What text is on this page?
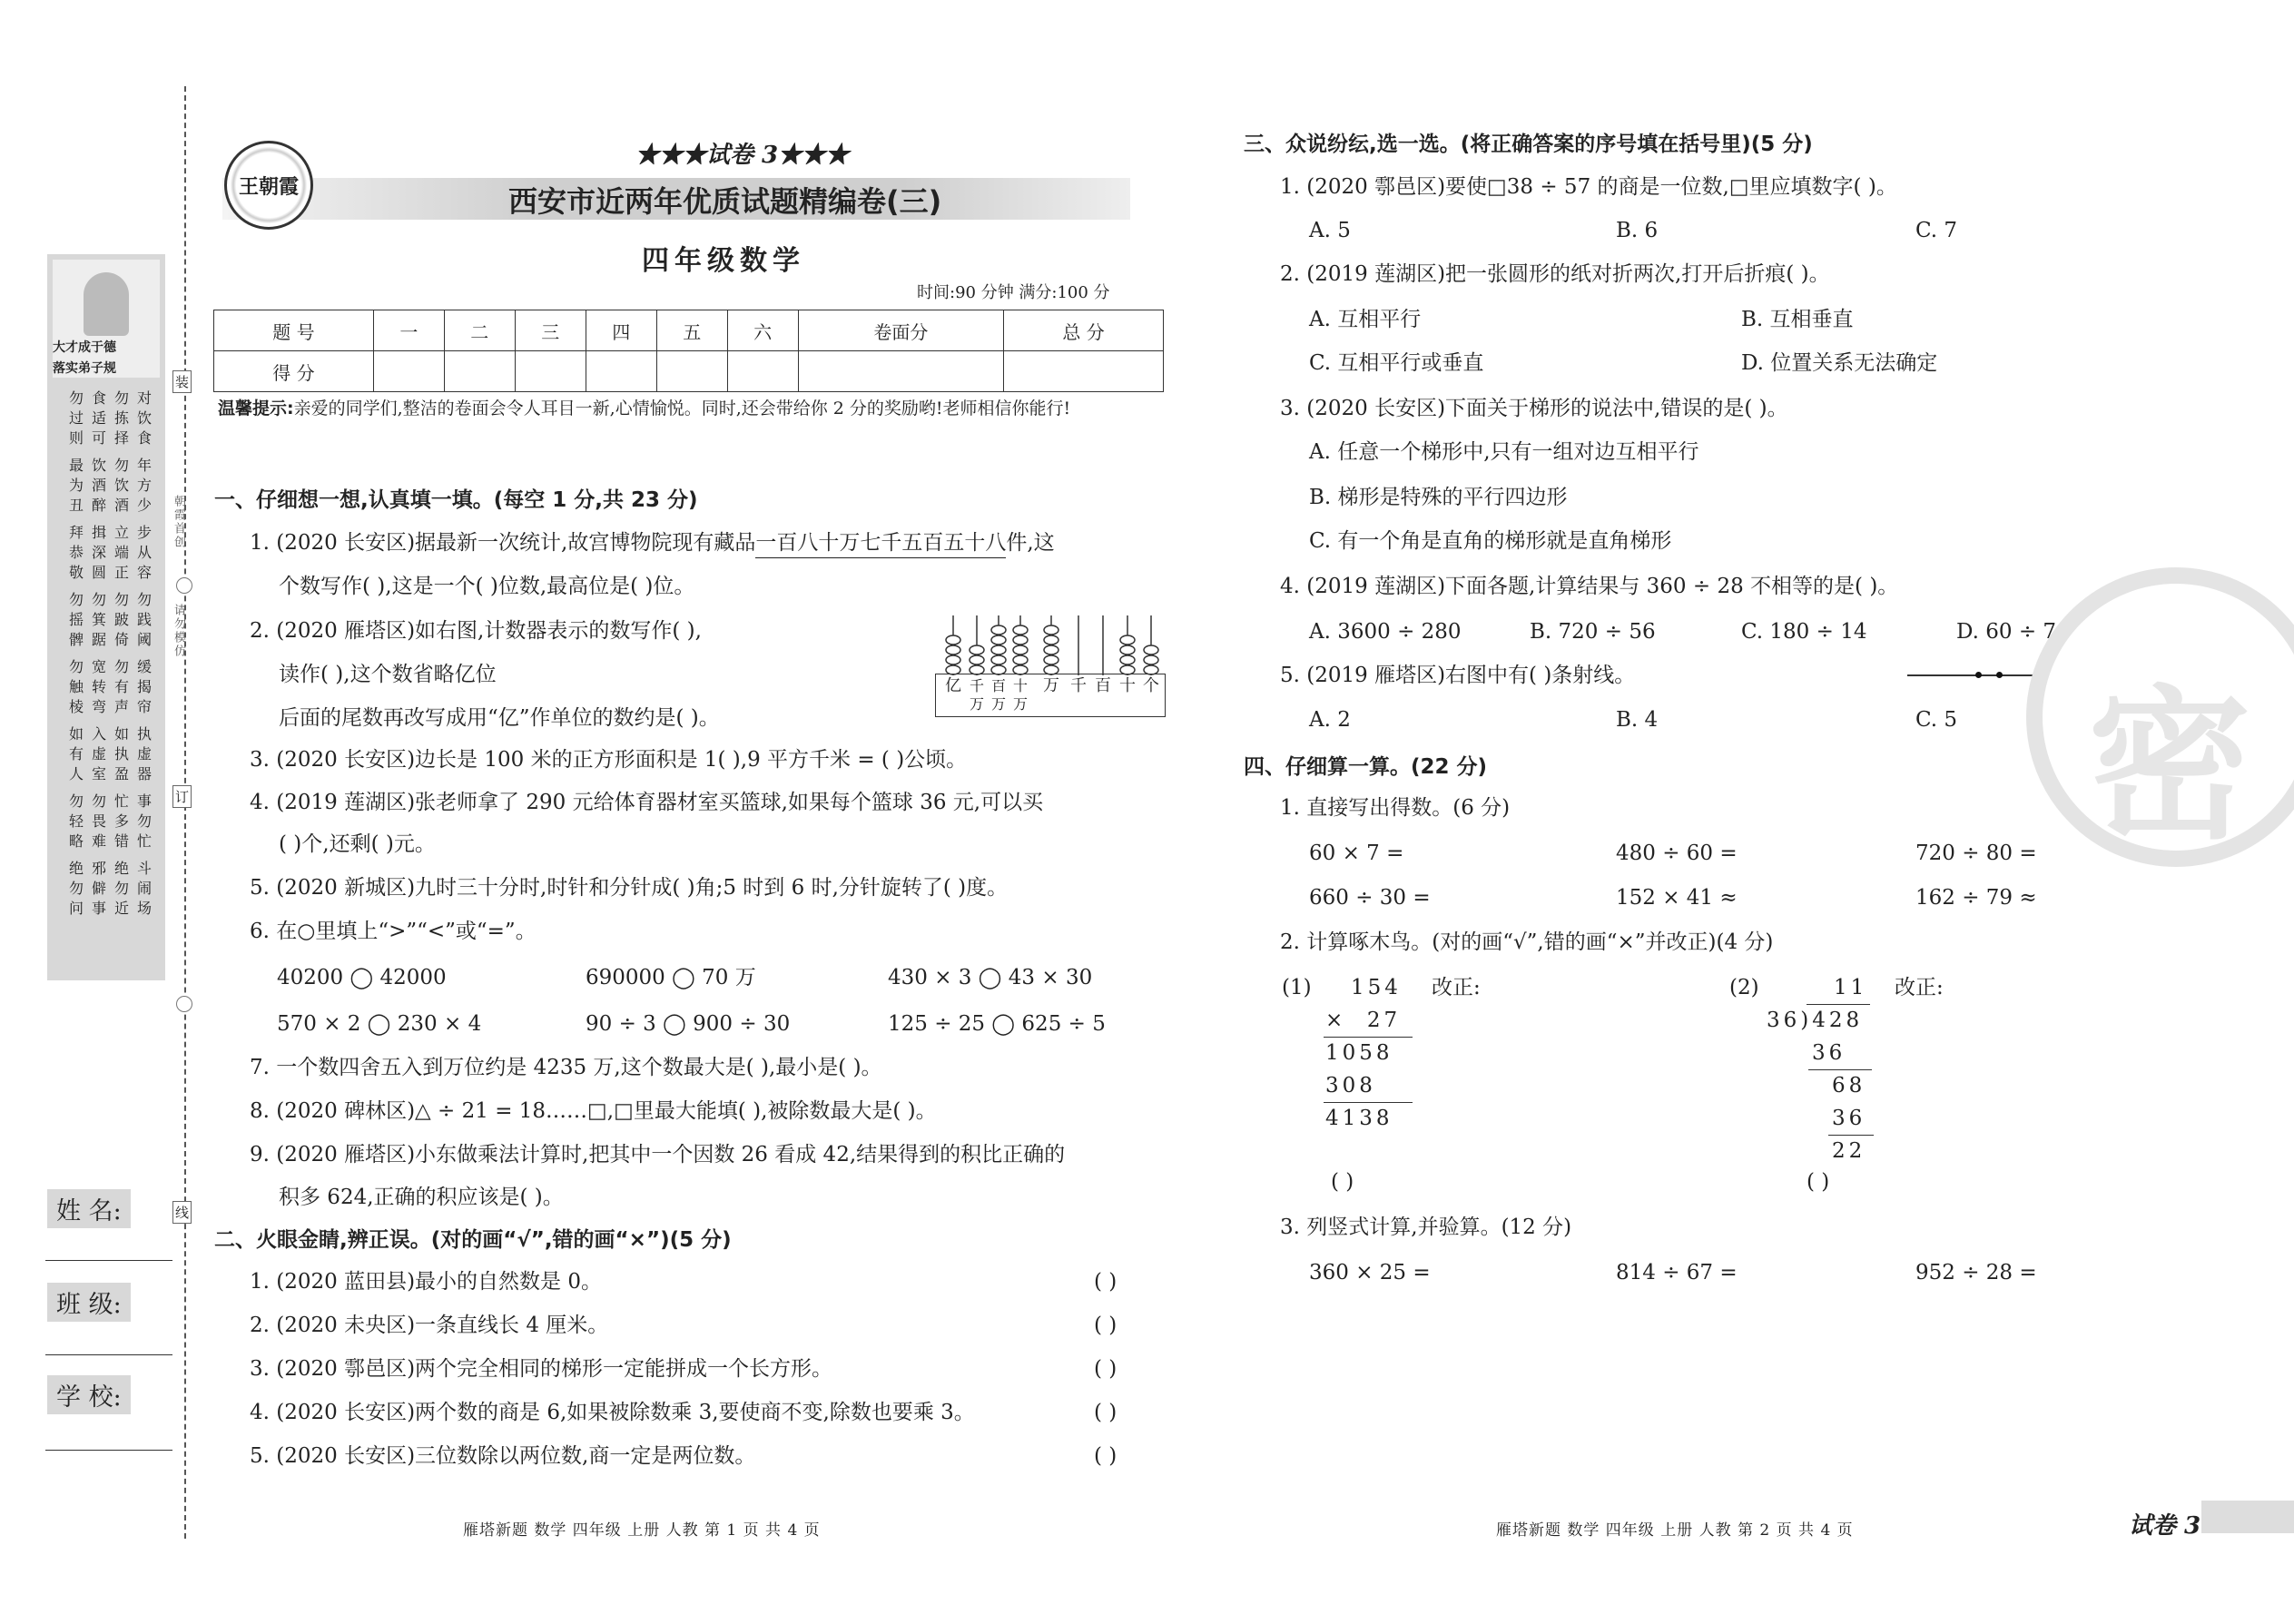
大才成于德
落实弟子规
对饮食
勿拣择
食适可
勿过则
年方少
勿饮酒
饮酒醉
最为丑
步从容
立端正
揖深圆
拜恭敬
勿践阈
勿跛倚
勿箕踞
勿摇髀
缓揭帘
勿有声
宽转弯
勿触棱
执虚器
如执盈
入虚室
如有人
事勿忙
忙多错
勿畏难
勿轻略
斗闹场
绝勿近
邪僻事
绝勿问
朝霞首创
请勿模仿
装
订
线
姓 名:
班 级:
学 校:
王朝霞
★★★试卷 3★★★
西安市近两年优质试题精编卷(三)
四年级数学
时间:90 分钟 满分:100 分
题 号	一	二	三	四	五	六	卷面分	总 分
得 分								
温馨提示:亲爱的同学们,整洁的卷面会令人耳目一新,心情愉悦。同时,还会带给你 2 分的奖励哟!老师相信你能行!
一、仔细想一想,认真填一填。(每空 1 分,共 23 分)
1. (2020 长安区)据最新一次统计,故宫博物院现有藏品一百八十万七千五百五十八件,这
个数写作( ),这是一个( )位数,最高位是( )位。
2. (2020 雁塔区)如右图,计数器表示的数写作( ),
读作( ),这个数省略亿位
后面的尾数再改写成用“亿”作单位的数约是( )。
亿 千万
百万
十万
万 千 百 十 个
3. (2020 长安区)边长是 100 米的正方形面积是 1( ),9 平方千米 = ( )公顷。
4. (2019 莲湖区)张老师拿了 290 元给体育器材室买篮球,如果每个篮球 36 元,可以买
( )个,还剩( )元。
5. (2020 新城区)九时三十分时,时针和分针成( )角;5 时到 6 时,分针旋转了( )度。
6. 在○里填上“>”“<”或“=”。
40200 ◯ 42000	690000 ◯ 70 万	430 × 3 ◯ 43 × 30
570 × 2 ◯ 230 × 4	90 ÷ 3 ◯ 900 ÷ 30	125 ÷ 25 ◯ 625 ÷ 5
7. 一个数四舍五入到万位约是 4235 万,这个数最大是( ),最小是( )。
8. (2020 碑林区)△ ÷ 21 = 18……□,□里最大能填( ),被除数最大是( )。
9. (2020 雁塔区)小东做乘法计算时,把其中一个因数 26 看成 42,结果得到的积比正确的
积多 624,正确的积应该是( )。
二、火眼金睛,辨正误。(对的画“√”,错的画“×”)(5 分)
1. (2020 蓝田县)最小的自然数是 0。	( )
2. (2020 未央区)一条直线长 4 厘米。	( )
3. (2020 鄠邑区)两个完全相同的梯形一定能拼成一个长方形。	( )
4. (2020 长安区)两个数的商是 6,如果被除数乘 3,要使商不变,除数也要乘 3。	( )
5. (2020 长安区)三位数除以两位数,商一定是两位数。	( )
三、众说纷纭,选一选。(将正确答案的序号填在括号里)(5 分)
1. (2020 鄠邑区)要使□38 ÷ 57 的商是一位数,□里应填数字( )。
A. 5	B. 6	C. 7
2. (2019 莲湖区)把一张圆形的纸对折两次,打开后折痕( )。
A. 互相平行	B. 互相垂直
C. 互相平行或垂直	D. 位置关系无法确定
3. (2020 长安区)下面关于梯形的说法中,错误的是( )。
A. 任意一个梯形中,只有一组对边互相平行
B. 梯形是特殊的平行四边形
C. 有一个角是直角的梯形就是直角梯形
4. (2019 莲湖区)下面各题,计算结果与 360 ÷ 28 不相等的是( )。
A. 3600 ÷ 280	B. 720 ÷ 56	C. 180 ÷ 14	D. 60 ÷ 7
5. (2019 雁塔区)右图中有( )条射线。
A. 2	B. 4	C. 5 密
四、仔细算一算。(22 分)
1. 直接写出得数。(6 分)
60 × 7 =	480 ÷ 60 =	720 ÷ 80 =
660 ÷ 30 =	152 × 41 ≈	162 ÷ 79 ≈
2. 计算啄木鸟。(对的画“√”,错的画“×”并改正)(4 分)
(1) 154
×  27
1058
308
4138
改正:
( )
(2)	11
36)428
36
68
36
22
改正:
( )
3. 列竖式计算,并验算。(12 分)
360 × 25 =	814 ÷ 67 =	952 ÷ 28 =
雁塔新题 数学 四年级 上册 人教 第 1 页 共 4 页	雁塔新题 数学 四年级 上册 人教 第 2 页 共 4 页	试卷 3
